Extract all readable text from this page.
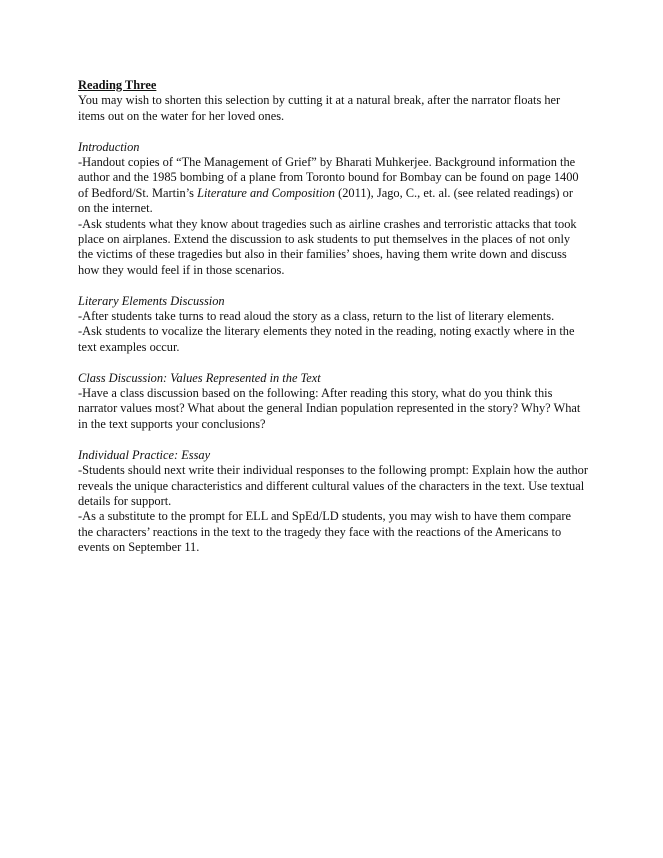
Reading Three

You may wish to shorten this selection by cutting it at a natural break, after the narrator floats her items out on the water for her loved ones.

Introduction

-Handout copies of “The Management of Grief” by Bharati Muhkerjee. Background information the author and the 1985 bombing of a plane from Toronto bound for Bombay can be found on page 1400 of Bedford/St. Martin’s Literature and Composition (2011), Jago, C., et. al. (see related readings) or on the internet.

-Ask students what they know about tragedies such as airline crashes and terroristic attacks that took place on airplanes. Extend the discussion to ask students to put themselves in the places of not only the victims of these tragedies but also in their families’ shoes, having them write down and discuss how they would feel if in those scenarios.

Literary Elements Discussion

-After students take turns to read aloud the story as a class, return to the list of literary elements.

-Ask students to vocalize the literary elements they noted in the reading, noting exactly where in the text examples occur.

Class Discussion: Values Represented in the Text

-Have a class discussion based on the following: After reading this story, what do you think this narrator values most? What about the general Indian population represented in the story? Why? What in the text supports your conclusions?

Individual Practice: Essay

-Students should next write their individual responses to the following prompt: Explain how the author reveals the unique characteristics and different cultural values of the characters in the text. Use textual details for support.

-As a substitute to the prompt for ELL and SpEd/LD students, you may wish to have them compare the characters’ reactions in the text to the tragedy they face with the reactions of the Americans to events on September 11.
